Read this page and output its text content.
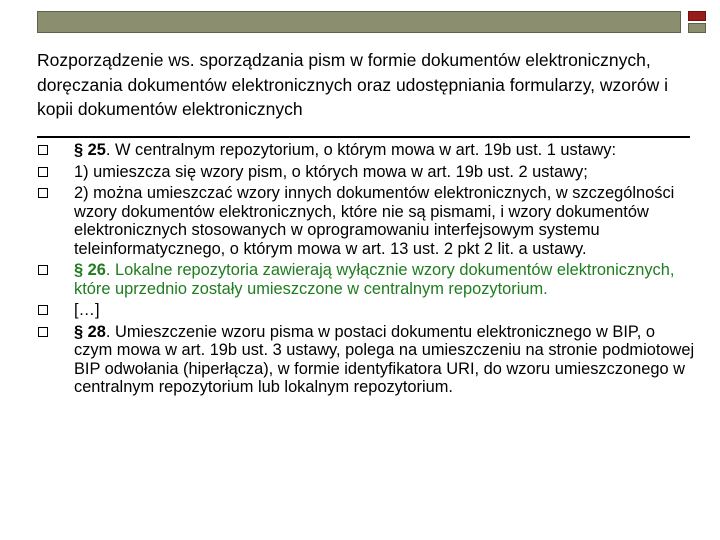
Rozporządzenie ws. sporządzania pism w formie dokumentów elektronicznych, doręczania dokumentów elektronicznych oraz udostępniania formularzy, wzorów i kopii dokumentów elektronicznych
§ 25. W centralnym repozytorium, o którym mowa w art. 19b ust. 1 ustawy:
1) umieszcza się wzory pism, o których mowa w art. 19b ust. 2 ustawy;
2) można umieszczać wzory innych dokumentów elektronicznych, w szczególności wzory dokumentów elektronicznych, które nie są pismami, i wzory dokumentów elektronicznych stosowanych w oprogramowaniu interfejsowym systemu teleinformatycznego, o którym mowa w art. 13 ust. 2 pkt 2 lit. a ustawy.
§ 26. Lokalne repozytoria zawierają wyłącznie wzory dokumentów elektronicznych, które uprzednio zostały umieszczone w centralnym repozytorium.
[…]
§ 28. Umieszczenie wzoru pisma w postaci dokumentu elektronicznego w BIP, o czym mowa w art. 19b ust. 3 ustawy, polega na umieszczeniu na stronie podmiotowej BIP odwołania (hiperłącza), w formie identyfikatora URI, do wzoru umieszczonego w centralnym repozytorium lub lokalnym repozytorium.
